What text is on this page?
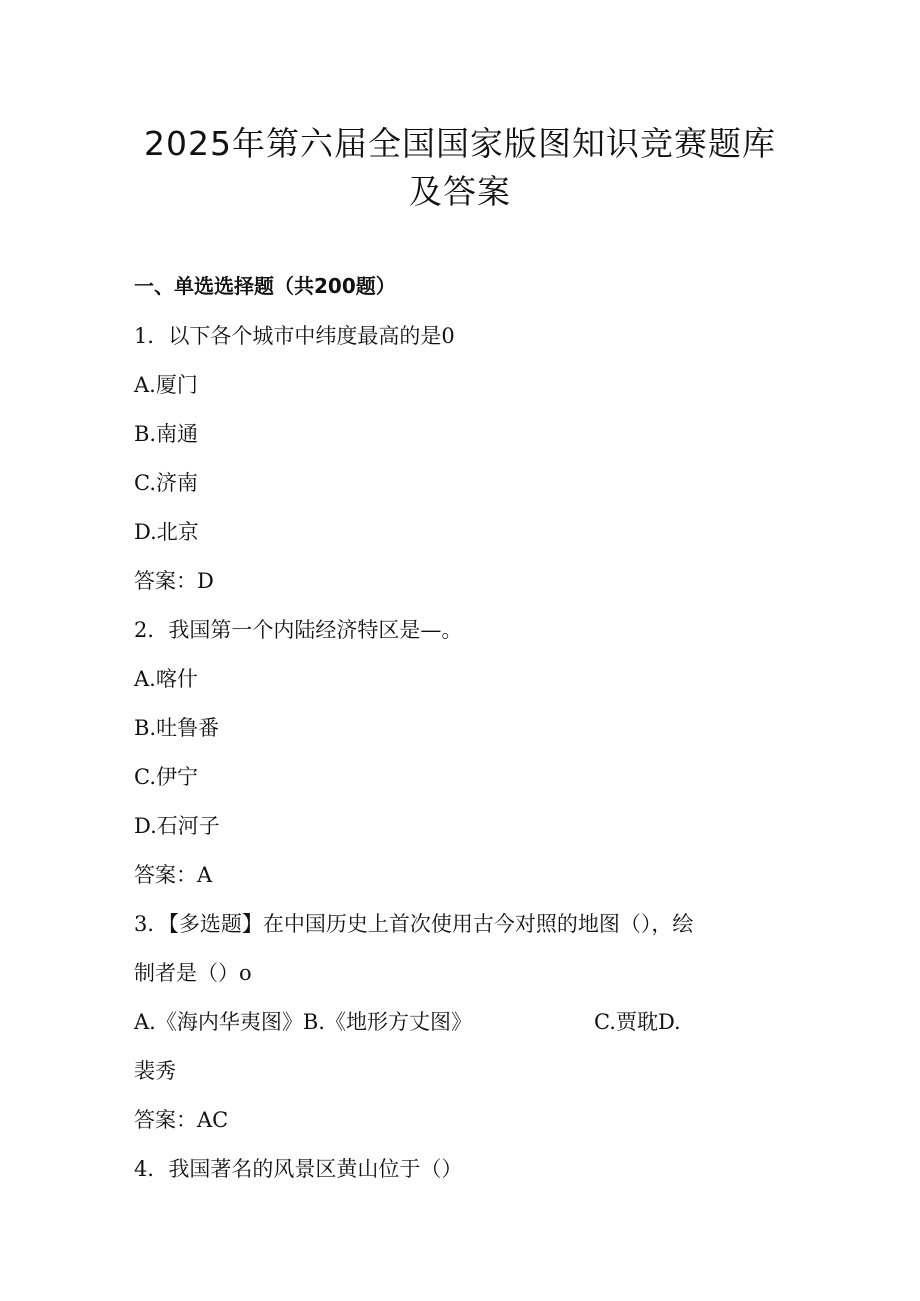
2025年第六届全国国家版图知识竞赛题库
及答案
一、单选选择题（共200题）
1．以下各个城市中纬度最高的是0
A.厦门
B.南通
C.济南
D.北京
答案：D
2．我国第一个内陆经济特区是—。
A.喀什
B.吐鲁番
C.伊宁
D.石河子
答案：A
3．【多选题】在中国历史上首次使用古今对照的地图（），绘
制者是（）o
A.《海内华夷图》B.《地形方丈图》	C.贾耽D.
裴秀
答案：AC
4．我国著名的风景区黄山位于（）
